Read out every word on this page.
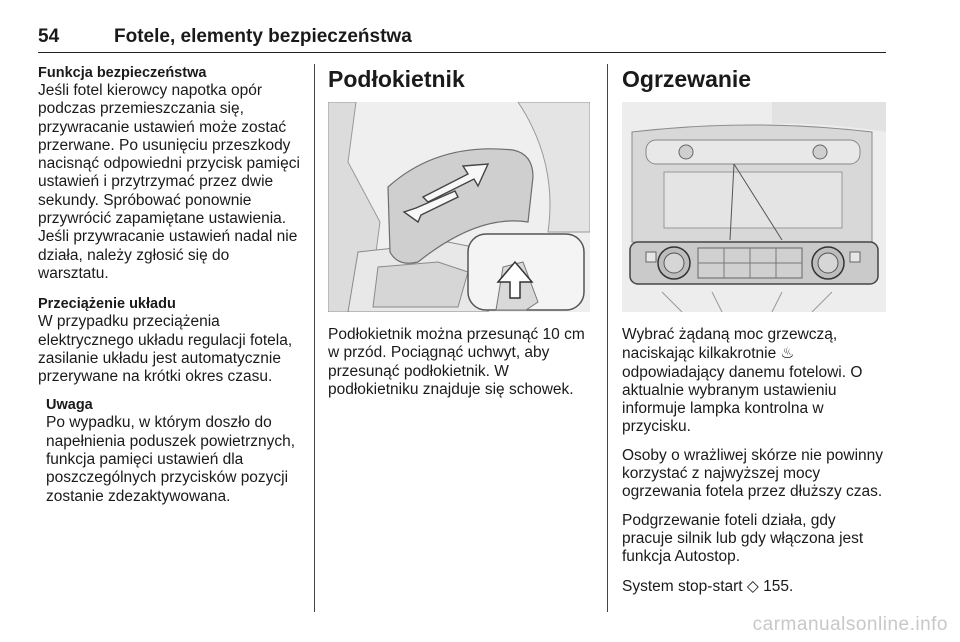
54	Fotele, elementy bezpieczeństwa
Funkcja bezpieczeństwa

Jeśli fotel kierowcy napotka opór podczas przemieszczania się, przywracanie ustawień może zostać przerwane. Po usunięciu przeszkody nacisnąć odpowiedni przycisk pamięci ustawień i przytrzymać przez dwie sekundy. Spróbować ponownie przywrócić zapamiętane ustawienia. Jeśli przywracanie ustawień nadal nie działa, należy zgłosić się do warsztatu.

Przeciążenie układu

W przypadku przeciążenia elektrycznego układu regulacji fotela, zasilanie układu jest automatycznie przerywane na krótki okres czasu.

Uwaga

Po wypadku, w którym doszło do napełnienia poduszek powietrznych, funkcja pamięci ustawień dla poszczególnych przycisków pozycji zostanie zdezaktywowana.

Podłokietnik

Podłokietnik można przesunąć 10 cm w przód. Pociągnąć uchwyt, aby przesunąć podłokietnik. W podłokietniku znajduje się schowek.

Ogrzewanie

Wybrać żądaną moc grzewczą, naciskając kilkakrotnie ♨ odpowiadający danemu fotelowi. O aktualnie wybranym ustawieniu informuje lampka kontrolna w przycisku.

Osoby o wrażliwej skórze nie powinny korzystać z najwyższej mocy ogrzewania fotela przez dłuższy czas.

Podgrzewanie foteli działa, gdy pracuje silnik lub gdy włączona jest funkcja Autostop.

System stop-start ◇ 155.

carmanualsonline.info
